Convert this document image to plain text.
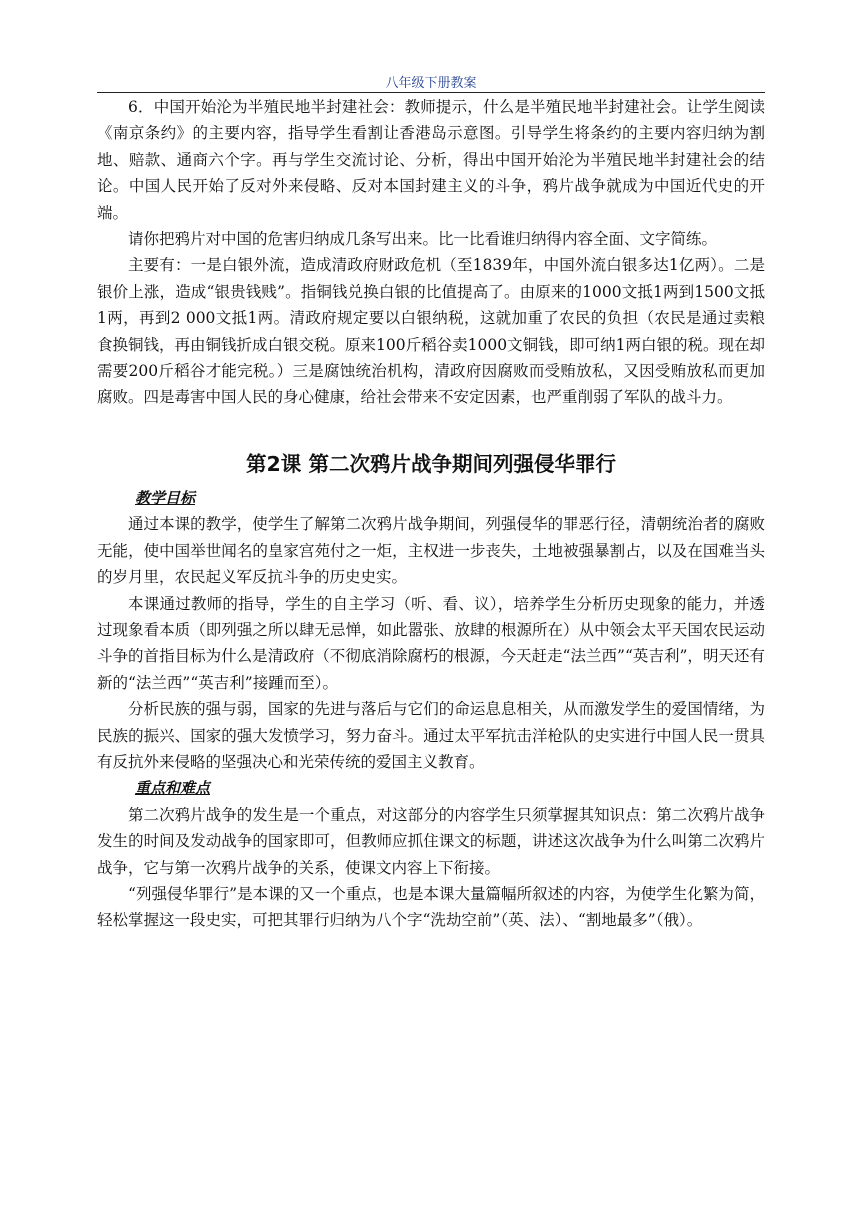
八年级下册教案

6．中国开始沦为半殖民地半封建社会：教师提示，什么是半殖民地半封建社会。让学生阅读《南京条约》的主要内容，指导学生看割让香港岛示意图。引导学生将条约的主要内容归纳为割地、赔款、通商六个字。再与学生交流讨论、分析，得出中国开始沦为半殖民地半封建社会的结论。中国人民开始了反对外来侵略、反对本国封建主义的斗争，鸦片战争就成为中国近代史的开端。

请你把鸦片对中国的危害归纳成几条写出来。比一比看谁归纳得内容全面、文字简练。

主要有：一是白银外流，造成清政府财政危机（至1839年，中国外流白银多达1亿两）。二是银价上涨，造成“银贵钱贱”。指铜钱兑换白银的比值提高了。由原来的1000文抵1两到1500文抵1两，再到2 000文抵1两。清政府规定要以白银纳税，这就加重了农民的负担（农民是通过卖粮食换铜钱，再由铜钱折成白银交税。原来100斤稻谷卖1000文铜钱，即可纳1两白银的税。现在却需要200斤稻谷才能完税。）三是腐蚀统治机构，清政府因腐败而受贿放私，又因受贿放私而更加腐败。四是毒害中国人民的身心健康，给社会带来不安定因素，也严重削弱了军队的战斗力。

第2课 第二次鸦片战争期间列强侵华罪行
教学目标

通过本课的教学，使学生了解第二次鸦片战争期间，列强侵华的罪恶行径，清朝统治者的腐败无能，使中国举世闻名的皇家宫苑付之一炬，主权进一步丧失，土地被强暴割占，以及在国难当头的岁月里，农民起义军反抗斗争的历史史实。

本课通过教师的指导，学生的自主学习（听、看、议），培养学生分析历史现象的能力，并透过现象看本质（即列强之所以肆无忌惮，如此嚣张、放肆的根源所在）从中领会太平天国农民运动斗争的首指目标为什么是清政府（不彻底消除腐朽的根源，今天赶走“法兰西”“英吉利”，明天还有新的“法兰西”“英吉利”接踵而至）。

分析民族的强与弱，国家的先进与落后与它们的命运息息相关，从而激发学生的爱国情绪，为民族的振兴、国家的强大发愤学习，努力奋斗。通过太平军抗击洋枪队的史实进行中国人民一贯具有反抗外来侵略的坚强决心和光荣传统的爱国主义教育。

重点和难点

第二次鸦片战争的发生是一个重点，对这部分的内容学生只须掌握其知识点：第二次鸦片战争发生的时间及发动战争的国家即可，但教师应抓住课文的标题，讲述这次战争为什么叫第二次鸦片战争，它与第一次鸦片战争的关系，使课文内容上下衔接。

“列强侵华罪行”是本课的又一个重点，也是本课大量篇幅所叙述的内容，为使学生化繁为简，轻松掌握这一段史实，可把其罪行归纳为八个字“洗劫空前”（英、法）、“割地最多”（俄）。
